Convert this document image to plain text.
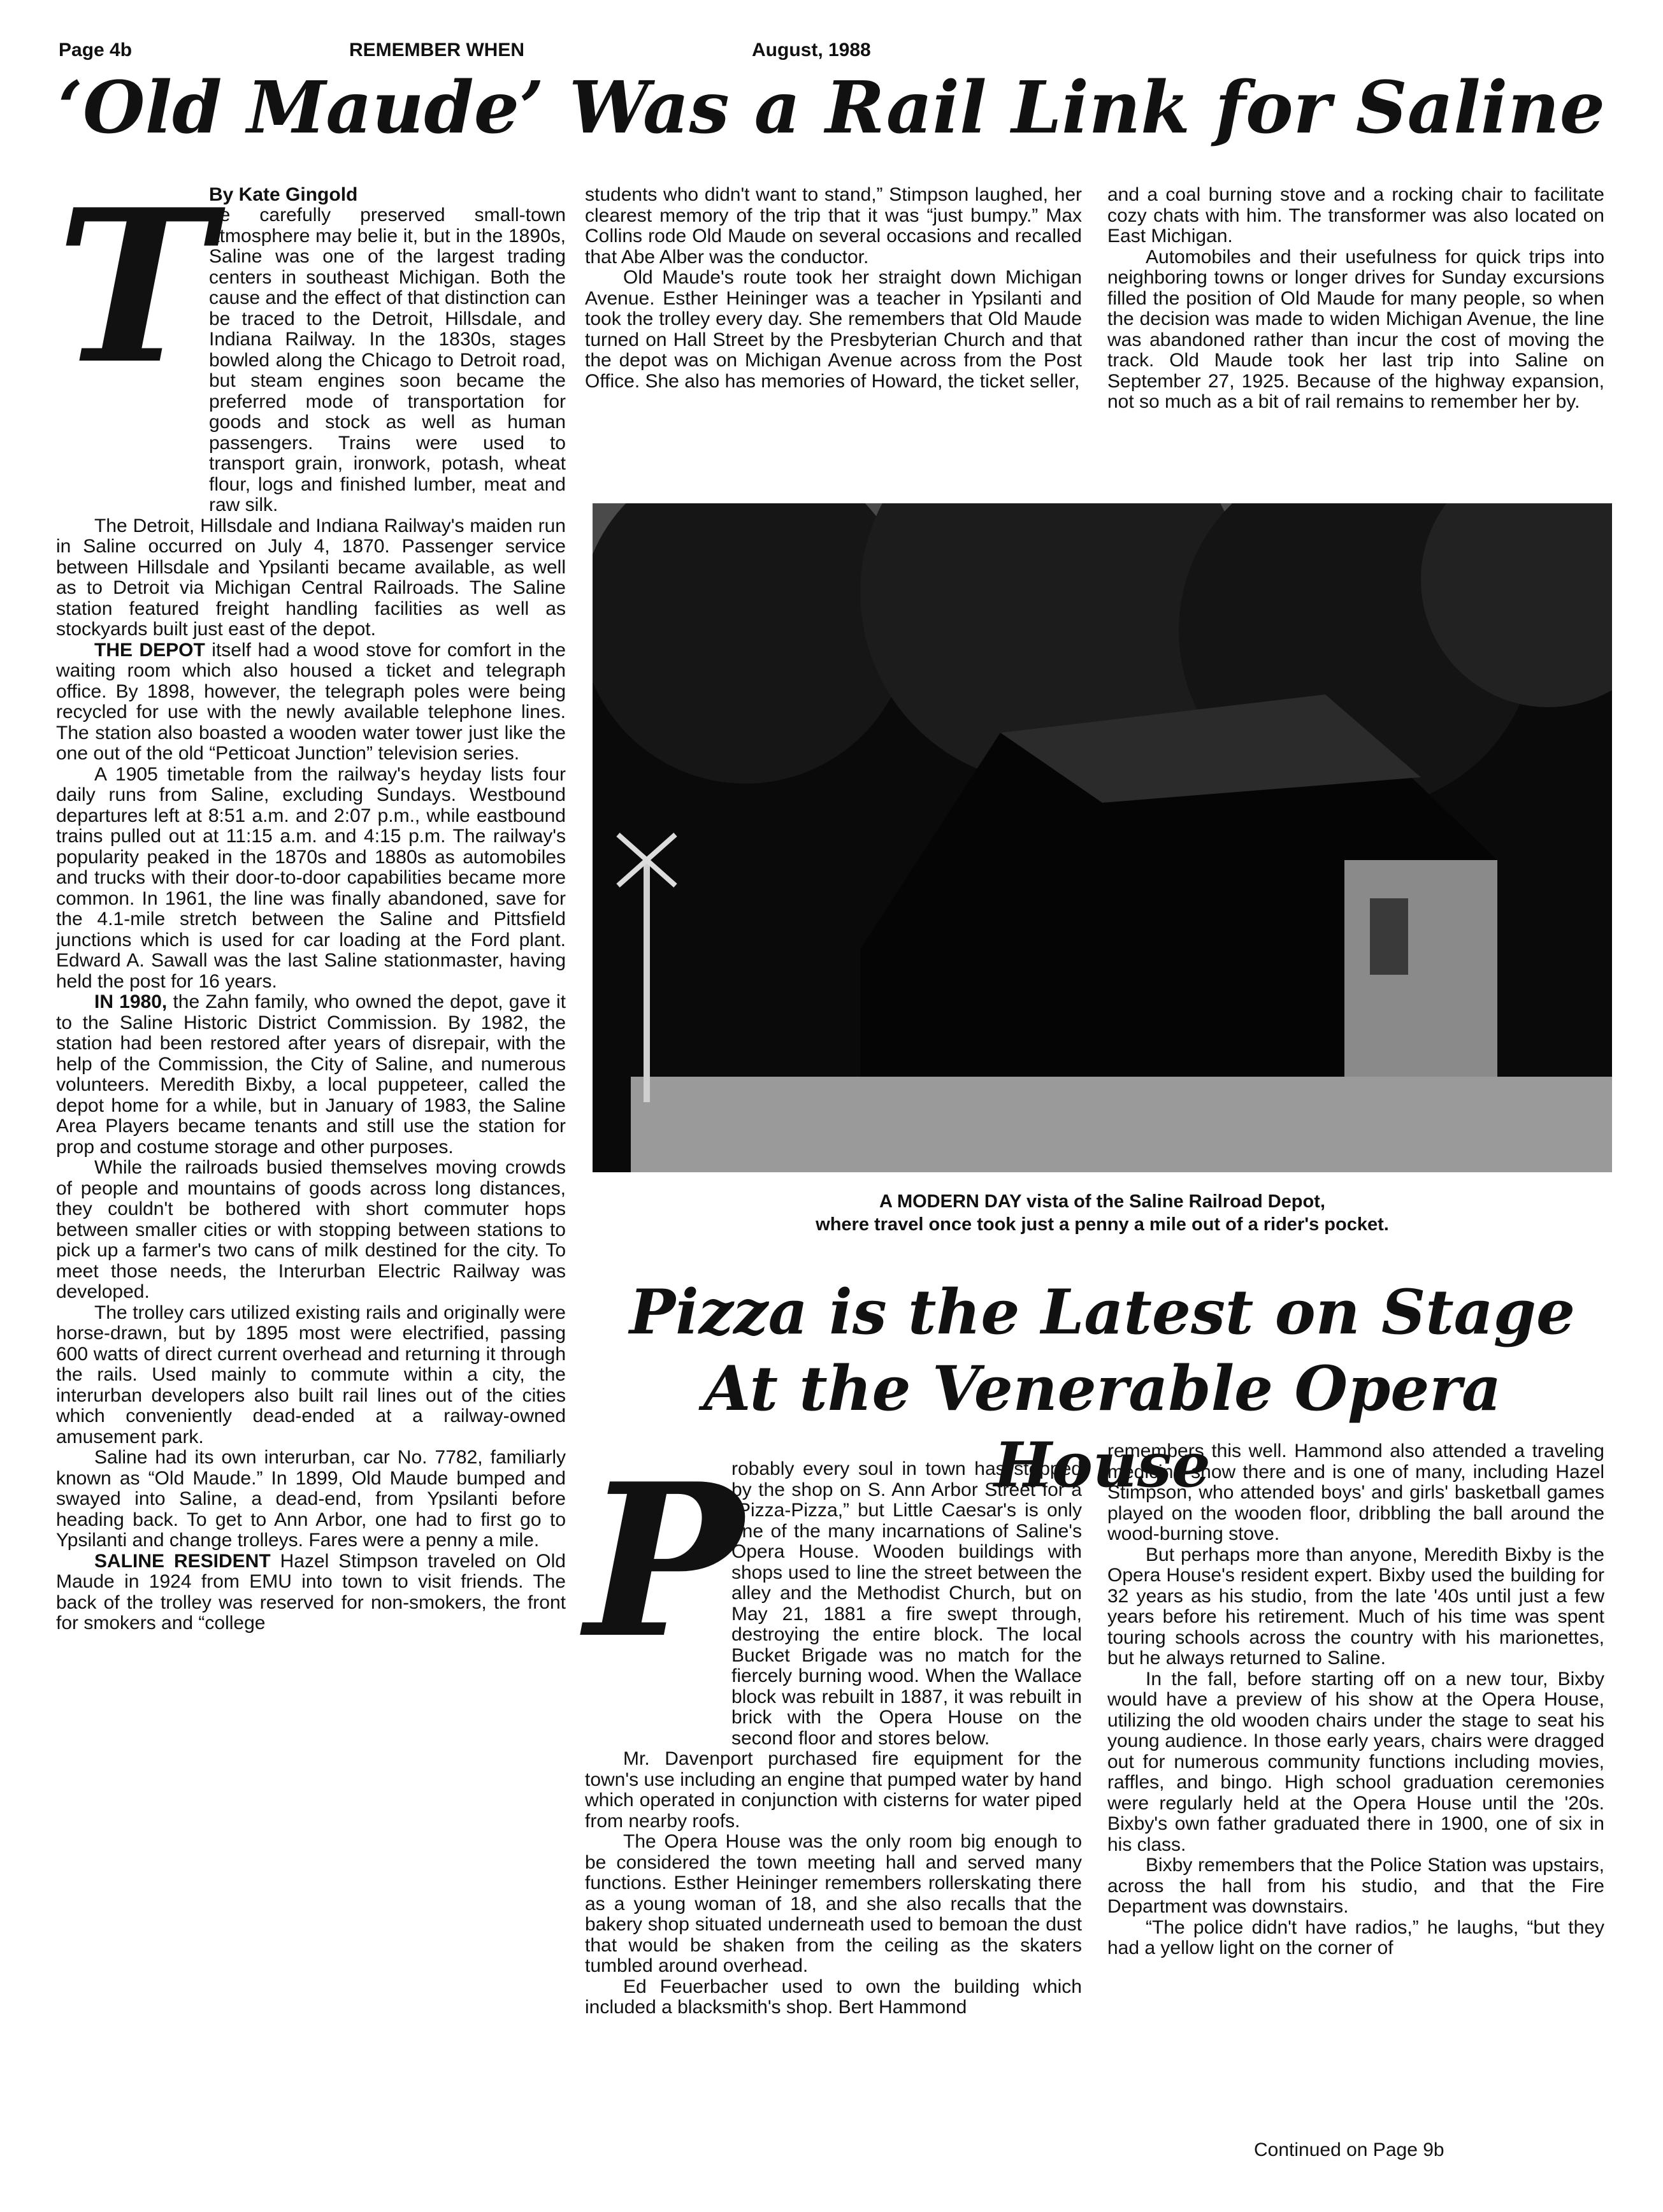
Page 4b	REMEMBER WHEN	August, 1988
‘Old Maude’ Was a Rail Link for Saline
T
By Kate Gingold

he carefully preserved small-town atmosphere may belie it, but in the 1890s, Saline was one of the largest trading centers in southeast Michigan. Both the cause and the effect of that distinction can be traced to the Detroit, Hillsdale, and Indiana Railway. In the 1830s, stages bowled along the Chicago to Detroit road, but steam engines soon became the preferred mode of transportation for goods and stock as well as human passengers. Trains were used to transport grain, ironwork, potash, wheat flour, logs and finished lumber, meat and raw silk.

The Detroit, Hillsdale and Indiana Railway's maiden run in Saline occurred on July 4, 1870. Passenger service between Hillsdale and Ypsilanti became available, as well as to Detroit via Michigan Central Railroads. The Saline station featured freight handling facilities as well as stockyards built just east of the depot.

THE DEPOT itself had a wood stove for comfort in the waiting room which also housed a ticket and telegraph office. By 1898, however, the telegraph poles were being recycled for use with the newly available telephone lines. The station also boasted a wooden water tower just like the one out of the old “Petticoat Junction” television series.

A 1905 timetable from the railway's heyday lists four daily runs from Saline, excluding Sundays. Westbound departures left at 8:51 a.m. and 2:07 p.m., while eastbound trains pulled out at 11:15 a.m. and 4:15 p.m. The railway's popularity peaked in the 1870s and 1880s as automobiles and trucks with their door-to-door capabilities became more common. In 1961, the line was finally abandoned, save for the 4.1-mile stretch between the Saline and Pittsfield junctions which is used for car loading at the Ford plant. Edward A. Sawall was the last Saline stationmaster, having held the post for 16 years.

IN 1980, the Zahn family, who owned the depot, gave it to the Saline Historic District Commission. By 1982, the station had been restored after years of disrepair, with the help of the Commission, the City of Saline, and numerous volunteers. Meredith Bixby, a local puppeteer, called the depot home for a while, but in January of 1983, the Saline Area Players became tenants and still use the station for prop and costume storage and other purposes.

While the railroads busied themselves moving crowds of people and mountains of goods across long distances, they couldn't be bothered with short commuter hops between smaller cities or with stopping between stations to pick up a farmer's two cans of milk destined for the city. To meet those needs, the Interurban Electric Railway was developed.

The trolley cars utilized existing rails and originally were horse-drawn, but by 1895 most were electrified, passing 600 watts of direct current overhead and returning it through the rails. Used mainly to commute within a city, the interurban developers also built rail lines out of the cities which conveniently dead-ended at a railway-owned amusement park.

Saline had its own interurban, car No. 7782, familiarly known as “Old Maude.” In 1899, Old Maude bumped and swayed into Saline, a dead-end, from Ypsilanti before heading back. To get to Ann Arbor, one had to first go to Ypsilanti and change trolleys. Fares were a penny a mile.

SALINE RESIDENT Hazel Stimpson traveled on Old Maude in 1924 from EMU into town to visit friends. The back of the trolley was reserved for non-smokers, the front for smokers and “college

students who didn't want to stand,” Stimpson laughed, her clearest memory of the trip that it was “just bumpy.” Max Collins rode Old Maude on several occasions and recalled that Abe Alber was the conductor.

Old Maude's route took her straight down Michigan Avenue. Esther Heininger was a teacher in Ypsilanti and took the trolley every day. She remembers that Old Maude turned on Hall Street by the Presbyterian Church and that the depot was on Michigan Avenue across from the Post Office. She also has memories of Howard, the ticket seller,

and a coal burning stove and a rocking chair to facilitate cozy chats with him. The transformer was also located on East Michigan.

Automobiles and their usefulness for quick trips into neighboring towns or longer drives for Sunday excursions filled the position of Old Maude for many people, so when the decision was made to widen Michigan Avenue, the line was abandoned rather than incur the cost of moving the track. Old Maude took her last trip into Saline on September 27, 1925. Because of the highway expansion, not so much as a bit of rail remains to remember her by.

A MODERN DAY vista of the Saline Railroad Depot,
where travel once took just a penny a mile out of a rider's pocket.
Pizza is the Latest on Stage
At the Venerable Opera House
P

robably every soul in town has stopped by the shop on S. Ann Arbor Street for a “Pizza-Pizza,” but Little Caesar's is only one of the many incarnations of Saline's Opera House. Wooden buildings with shops used to line the street between the alley and the Methodist Church, but on May 21, 1881 a fire swept through, destroying the entire block. The local Bucket Brigade was no match for the fiercely burning wood. When the Wallace block was rebuilt in 1887, it was rebuilt in brick with the Opera House on the second floor and stores below.

Mr. Davenport purchased fire equipment for the town's use including an engine that pumped water by hand which operated in conjunction with cisterns for water piped from nearby roofs.

The Opera House was the only room big enough to be considered the town meeting hall and served many functions. Esther Heininger remembers rollerskating there as a young woman of 18, and she also recalls that the bakery shop situated underneath used to bemoan the dust that would be shaken from the ceiling as the skaters tumbled around overhead.

Ed Feuerbacher used to own the building which included a blacksmith's shop. Bert Hammond

remembers this well. Hammond also attended a traveling medicine show there and is one of many, including Hazel Stimpson, who attended boys' and girls' basketball games played on the wooden floor, dribbling the ball around the wood-burning stove.

But perhaps more than anyone, Meredith Bixby is the Opera House's resident expert. Bixby used the building for 32 years as his studio, from the late '40s until just a few years before his retirement. Much of his time was spent touring schools across the country with his marionettes, but he always returned to Saline.

In the fall, before starting off on a new tour, Bixby would have a preview of his show at the Opera House, utilizing the old wooden chairs under the stage to seat his young audience. In those early years, chairs were dragged out for numerous community functions including movies, raffles, and bingo. High school graduation ceremonies were regularly held at the Opera House until the '20s. Bixby's own father graduated there in 1900, one of six in his class.

Bixby remembers that the Police Station was upstairs, across the hall from his studio, and that the Fire Department was downstairs.

“The police didn't have radios,” he laughs, “but they had a yellow light on the corner of

Continued on Page 9b
